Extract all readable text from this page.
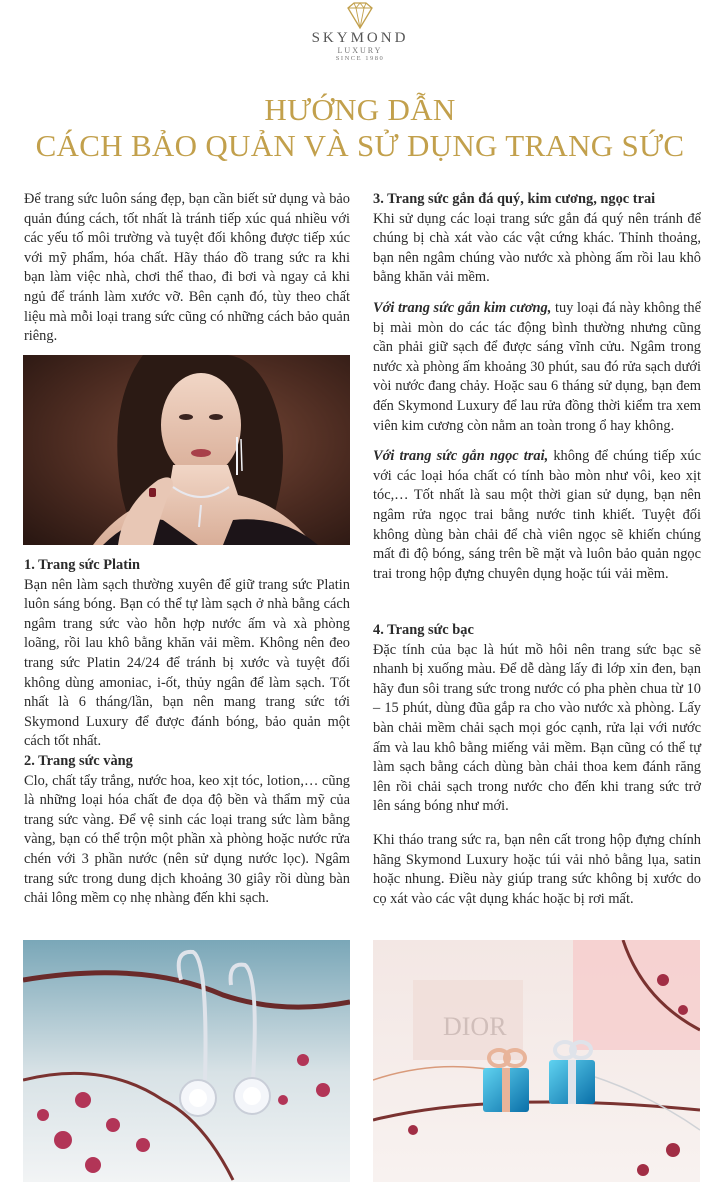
SKYMOND
LUXURY
SINCE 1980
HƯỚNG DẪN
CÁCH BẢO QUẢN VÀ SỬ DỤNG TRANG SỨC

Để trang sức luôn sáng đẹp, bạn cần biết sử dụng và bảo quản đúng cách, tốt nhất là tránh tiếp xúc quá nhiều với các yếu tố môi trường và tuyệt đối không được tiếp xúc với mỹ phẩm, hóa chất. Hãy tháo đồ trang sức ra khi bạn làm việc nhà, chơi thể thao, đi bơi và ngay cả khi ngủ để tránh làm xước vỡ. Bên cạnh đó, tùy theo chất liệu mà mỗi loại trang sức cũng có những cách bảo quản riêng.

1. Trang sức Platin

Bạn nên làm sạch thường xuyên để giữ trang sức Platin luôn sáng bóng. Bạn có thể tự làm sạch ở nhà bằng cách ngâm trang sức vào hỗn hợp nước ấm và xà phòng loãng, rồi lau khô bằng khăn vải mềm. Không nên đeo trang sức Platin 24/24 để tránh bị xước và tuyệt đối không dùng amoniac, i-ốt, thủy ngân để làm sạch. Tốt nhất là 6 tháng/lần, bạn nên mang trang sức tới Skymond Luxury để được đánh bóng, bảo quản một cách tốt nhất.

2. Trang sức vàng

Clo, chất tẩy trắng, nước hoa, keo xịt tóc, lotion,… cũng là những loại hóa chất đe dọa độ bền và thẩm mỹ của trang sức vàng. Để vệ sinh các loại trang sức làm bằng vàng, bạn có thể trộn một phần xà phòng hoặc nước rửa chén với 3 phần nước (nên sử dụng nước lọc). Ngâm trang sức trong dung dịch khoảng 30 giây rồi dùng bàn chải lông mềm cọ nhẹ nhàng đến khi sạch.

3. Trang sức gắn đá quý, kim cương, ngọc trai

Khi sử dụng các loại trang sức gắn đá quý nên tránh để chúng bị chà xát vào các vật cứng khác. Thỉnh thoảng, bạn nên ngâm chúng vào nước xà phòng ấm rồi lau khô bằng khăn vải mềm.

Với trang sức gắn kim cương, tuy loại đá này không thể bị mài mòn do các tác động bình thường nhưng cũng cần phải giữ sạch để được sáng vĩnh cửu. Ngâm trong nước xà phòng ấm khoảng 30 phút, sau đó rửa sạch dưới vòi nước đang chảy. Hoặc sau 6 tháng sử dụng, bạn đem đến Skymond Luxury để lau rửa đồng thời kiểm tra xem viên kim cương còn nằm an toàn trong ổ hay không.

Với trang sức gắn ngọc trai, không để chúng tiếp xúc với các loại hóa chất có tính bào mòn như vôi, keo xịt tóc,… Tốt nhất là sau một thời gian sử dụng, bạn nên ngâm rửa ngọc trai bằng nước tinh khiết. Tuyệt đối không dùng bàn chải để chà viên ngọc sẽ khiến chúng mất đi độ bóng, sáng trên bề mặt và luôn bảo quản ngọc trai trong hộp đựng chuyên dụng hoặc túi vải mềm.

4. Trang sức bạc

Đặc tính của bạc là hút mồ hôi nên trang sức bạc sẽ nhanh bị xuống màu. Để dễ dàng lấy đi lớp xỉn đen, bạn hãy đun sôi trang sức trong nước có pha phèn chua từ 10 – 15 phút, dùng đũa gắp ra cho vào nước xà phòng. Lấy bàn chải mềm chải sạch mọi góc cạnh, rửa lại với nước ấm và lau khô bằng miếng vải mềm. Bạn cũng có thể tự làm sạch bằng cách dùng bàn chải thoa kem đánh răng lên rồi chải sạch trong nước cho đến khi trang sức trở lên sáng bóng như mới.

Khi tháo trang sức ra, bạn nên cất trong hộp đựng chính hãng Skymond Luxury hoặc túi vải nhỏ bằng lụa, satin hoặc nhung. Điều này giúp trang sức không bị xước do cọ xát vào các vật dụng khác hoặc bị rơi mất.

DIOR
